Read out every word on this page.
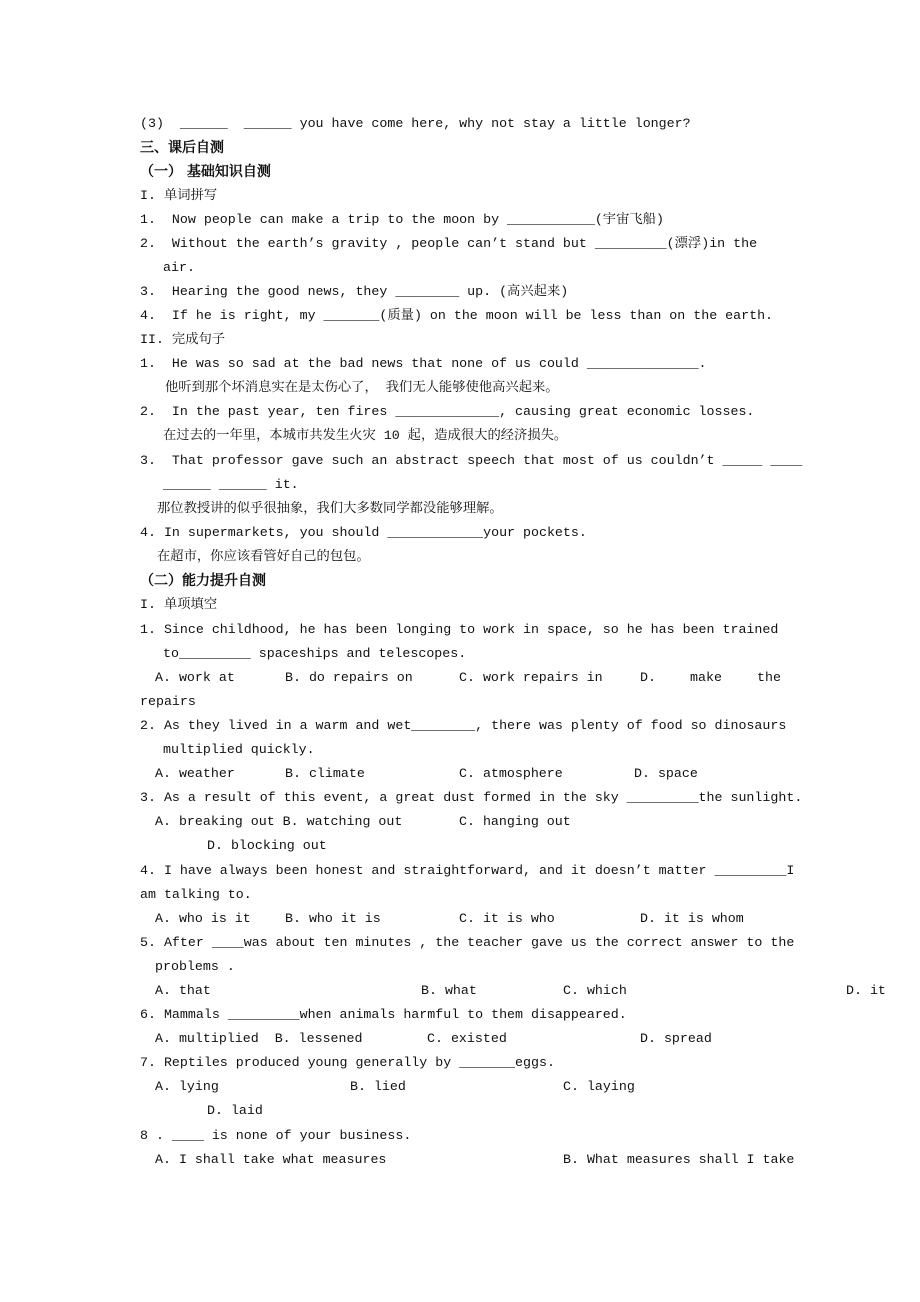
(3)  ______  ______ you have come here, why not stay a little longer?
三、课后自测
（一） 基础知识自测
I. 单词拼写
1.  Now people can make a trip to the moon by ___________(宇宙飞船)
2.  Without the earth’s gravity , people can’t stand but _________(漂浮)in the
air.
3.  Hearing the good news, they ________ up. (高兴起来)
4.  If he is right, my _______(质量) on the moon will be less than on the earth.
II. 完成句子
1.  He was so sad at the bad news that none of us could ______________.
他听到那个坏消息实在是太伤心了， 我们无人能够使他高兴起来。
2.  In the past year, ten fires _____________, causing great economic losses.
在过去的一年里，本城市共发生火灾 10 起，造成很大的经济损失。
3.  That professor gave such an abstract speech that most of us couldn’t _____ ____
______ ______ it.
那位教授讲的似乎很抽象，我们大多数同学都没能够理解。
4. In supermarkets, you should ____________your pockets.
在超市，你应该看管好自己的包包。
（二）能力提升自测
I. 单项填空
1. Since childhood, he has been longing to work in space, so he has been trained
to_________ spaceships and telescopes.
A. work at	B. do repairs on	C. work repairs in	D.	make	the
repairs
2. As they lived in a warm and wet________, there was plenty of food so dinosaurs
multiplied quickly.
A. weather	B. climate	C. atmosphere	D. space
3. As a result of this event, a great dust formed in the sky _________the sunlight.
A. breaking out B. watching out	C. hanging out
D. blocking out
4. I have always been honest and straightforward, and it doesn’t matter _________I
am talking to.
A. who is it	B. who it is	C. it is who	D. it is whom
5. After ____was about ten minutes , the teacher gave us the correct answer to the
problems .
A. that	B. what	C. which	D. it
6. Mammals _________when animals harmful to them disappeared.
A. multiplied  B. lessened	C. existed	D. spread
7. Reptiles produced young generally by _______eggs.
A. lying	B. lied	C. laying
D. laid
8 . ____ is none of your business.
A. I shall take what measures	B. What measures shall I take
